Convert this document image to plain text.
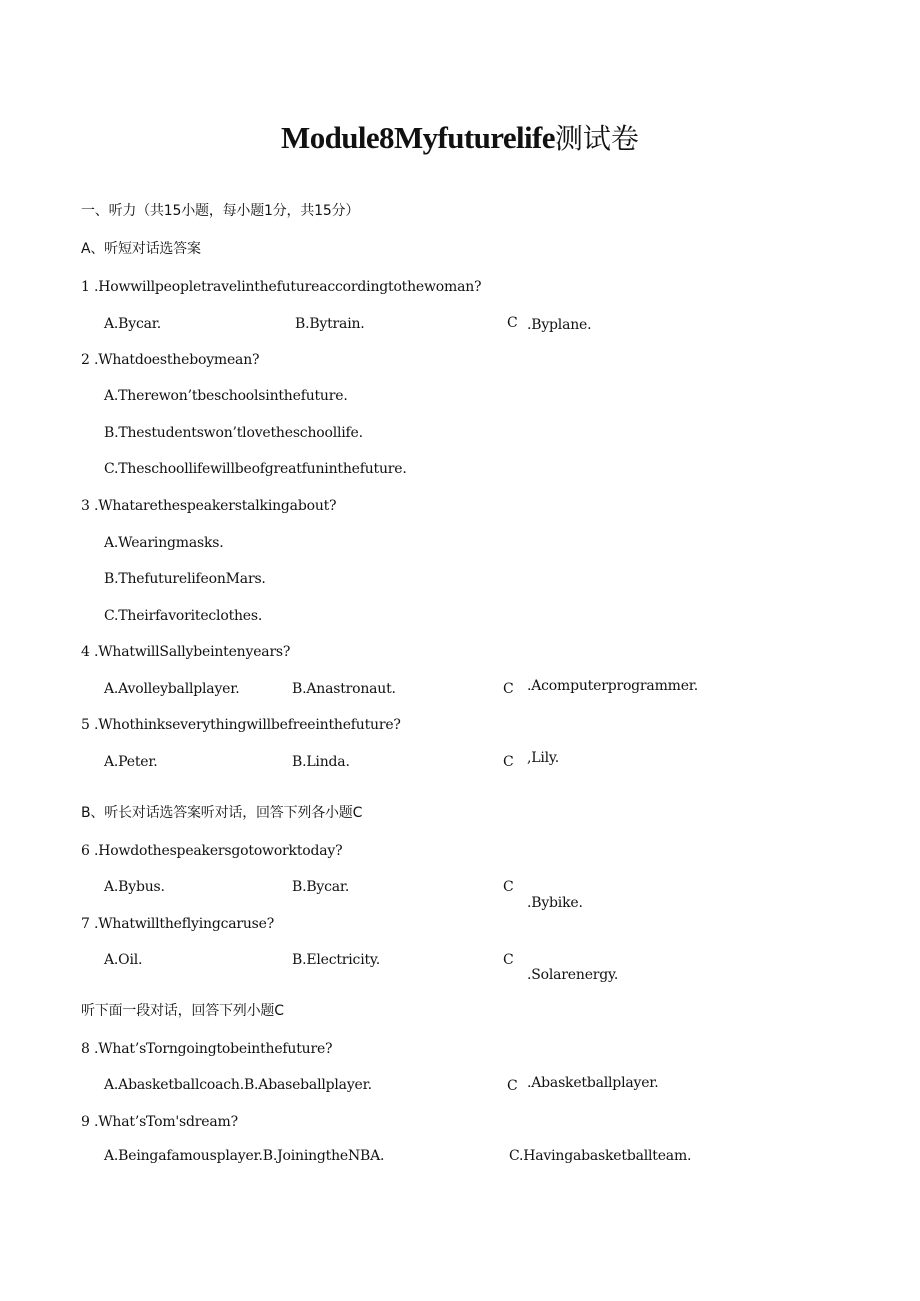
Module8Myfuturelife测试卷
一、听力（共15小题，每小题1分，共15分）
A、听短对话选答案
1 .Howwillpeopletravelinthefutureaccordingtothewoman?
A.Bycar.	B.Bytrain.	C .Byplane.
2 .Whatdoestheboymean?
A.Therewon’tbeschoolsinthefuture.
B.Thestudentswon’tlovetheschoollife.
C.Theschoollifewillbeofgreatfuninthefuture.
3 .Whatarethespeakerstalkingabout?
A.Wearingmasks.
B.ThefuturelifeonMars.
C.Theirfavoriteclothes.
4 .WhatwillSallybeintenyears?
A.Avolleyballplayer.	B.Anastronaut.	C .Acomputerprogrammer.
5 .Whothinkseverythingwillbefreeinthefuture?
A.Peter.	B.Linda.	C ,Lily.
B、听长对话选答案听对话，回答下列各小题C
6 .Howdothespeakersgotoworktoday?
A.Bybus.	B.Bycar.	C
.Bybike.
7 .Whatwilltheflyingcaruse?
A.Oil.	B.Electricity.	C
.Solarenergy.
听下面一段对话，回答下列小题C
8 .What’sTorngoingtobeinthefuture?
A.Abasketballcoach.B.Abaseballplayer.	C .Abasketballplayer.
9 .What’sTom'sdream?
A.Beingafamousplayer.B.JoiningtheNBA.	C.Havingabasketballteam.
